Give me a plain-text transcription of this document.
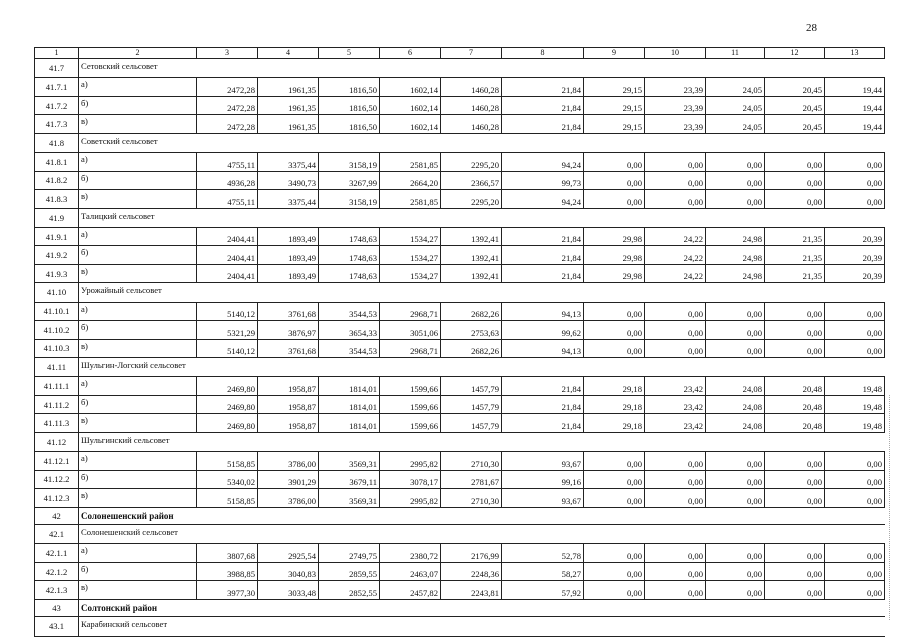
28
1	2	3	4	5	6	7	8	9	10	11	12	13
41.7	Сетовский сельсовет											
41.7.1	а)	2472,28	1961,35	1816,50	1602,14	1460,28	21,84	29,15	23,39	24,05	20,45	19,44
41.7.2	б)	2472,28	1961,35	1816,50	1602,14	1460,28	21,84	29,15	23,39	24,05	20,45	19,44
41.7.3	в)	2472,28	1961,35	1816,50	1602,14	1460,28	21,84	29,15	23,39	24,05	20,45	19,44
41.8	Советский сельсовет											
41.8.1	а)	4755,11	3375,44	3158,19	2581,85	2295,20	94,24	0,00	0,00	0,00	0,00	0,00
41.8.2	б)	4936,28	3490,73	3267,99	2664,20	2366,57	99,73	0,00	0,00	0,00	0,00	0,00
41.8.3	в)	4755,11	3375,44	3158,19	2581,85	2295,20	94,24	0,00	0,00	0,00	0,00	0,00
41.9	Талицкий сельсовет											
41.9.1	а)	2404,41	1893,49	1748,63	1534,27	1392,41	21,84	29,98	24,22	24,98	21,35	20,39
41.9.2	б)	2404,41	1893,49	1748,63	1534,27	1392,41	21,84	29,98	24,22	24,98	21,35	20,39
41.9.3	в)	2404,41	1893,49	1748,63	1534,27	1392,41	21,84	29,98	24,22	24,98	21,35	20,39
41.10	Урожайный сельсовет											
41.10.1	а)	5140,12	3761,68	3544,53	2968,71	2682,26	94,13	0,00	0,00	0,00	0,00	0,00
41.10.2	б)	5321,29	3876,97	3654,33	3051,06	2753,63	99,62	0,00	0,00	0,00	0,00	0,00
41.10.3	в)	5140,12	3761,68	3544,53	2968,71	2682,26	94,13	0,00	0,00	0,00	0,00	0,00
41.11	Шульгин-Логский сельсовет											
41.11.1	а)	2469,80	1958,87	1814,01	1599,66	1457,79	21,84	29,18	23,42	24,08	20,48	19,48
41.11.2	б)	2469,80	1958,87	1814,01	1599,66	1457,79	21,84	29,18	23,42	24,08	20,48	19,48
41.11.3	в)	2469,80	1958,87	1814,01	1599,66	1457,79	21,84	29,18	23,42	24,08	20,48	19,48
41.12	Шульгинский сельсовет											
41.12.1	а)	5158,85	3786,00	3569,31	2995,82	2710,30	93,67	0,00	0,00	0,00	0,00	0,00
41.12.2	б)	5340,02	3901,29	3679,11	3078,17	2781,67	99,16	0,00	0,00	0,00	0,00	0,00
41.12.3	в)	5158,85	3786,00	3569,31	2995,82	2710,30	93,67	0,00	0,00	0,00	0,00	0,00
42	Солонешенский район											
42.1	Солонешенский сельсовет											
42.1.1	а)	3807,68	2925,54	2749,75	2380,72	2176,99	52,78	0,00	0,00	0,00	0,00	0,00
42.1.2	б)	3988,85	3040,83	2859,55	2463,07	2248,36	58,27	0,00	0,00	0,00	0,00	0,00
42.1.3	в)	3977,30	3033,48	2852,55	2457,82	2243,81	57,92	0,00	0,00	0,00	0,00	0,00
43	Солтонский район											
43.1	Карабинский сельсовет											
